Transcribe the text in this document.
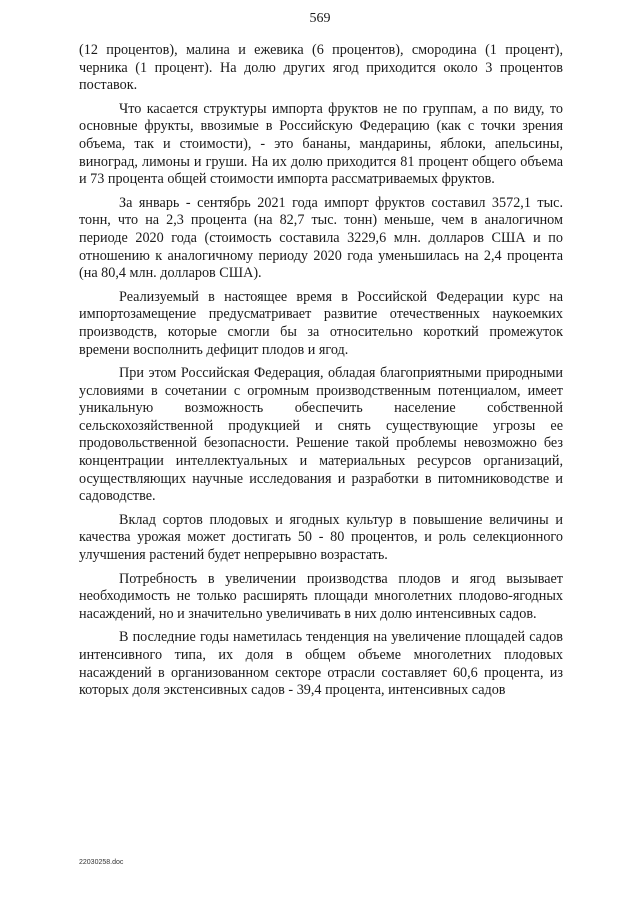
569

(12 процентов), малина и ежевика (6 процентов), смородина (1 процент), черника (1 процент). На долю других ягод приходится около 3 процентов поставок.

Что касается структуры импорта фруктов не по группам, а по виду, то основные фрукты, ввозимые в Российскую Федерацию (как с точки зрения объема, так и стоимости), - это бананы, мандарины, яблоки, апельсины, виноград, лимоны и груши. На их долю приходится 81 процент общего объема и 73 процента общей стоимости импорта рассматриваемых фруктов.

За январь - сентябрь 2021 года импорт фруктов составил 3572,1 тыс. тонн, что на 2,3 процента (на 82,7 тыс. тонн) меньше, чем в аналогичном периоде 2020 года (стоимость составила 3229,6 млн. долларов США и по отношению к аналогичному периоду 2020 года уменьшилась на 2,4 процента (на 80,4 млн. долларов США).

Реализуемый в настоящее время в Российской Федерации курс на импортозамещение предусматривает развитие отечественных наукоемких производств, которые смогли бы за относительно короткий промежуток времени восполнить дефицит плодов и ягод.

При этом Российская Федерация, обладая благоприятными природными условиями в сочетании с огромным производственным потенциалом, имеет уникальную возможность обеспечить население собственной сельскохозяйственной продукцией и снять существующие угрозы ее продовольственной безопасности. Решение такой проблемы невозможно без концентрации интеллектуальных и материальных ресурсов организаций, осуществляющих научные исследования и разработки в питомниководстве и садоводстве.

Вклад сортов плодовых и ягодных культур в повышение величины и качества урожая может достигать 50 - 80 процентов, и роль селекционного улучшения растений будет непрерывно возрастать.

Потребность в увеличении производства плодов и ягод вызывает необходимость не только расширять площади многолетних плодово-ягодных насаждений, но и значительно увеличивать в них долю интенсивных садов.

В последние годы наметилась тенденция на увеличение площадей садов интенсивного типа, их доля в общем объеме многолетних плодовых насаждений в организованном секторе отрасли составляет 60,6 процента, из которых доля экстенсивных садов - 39,4 процента, интенсивных садов

22030258.doc
